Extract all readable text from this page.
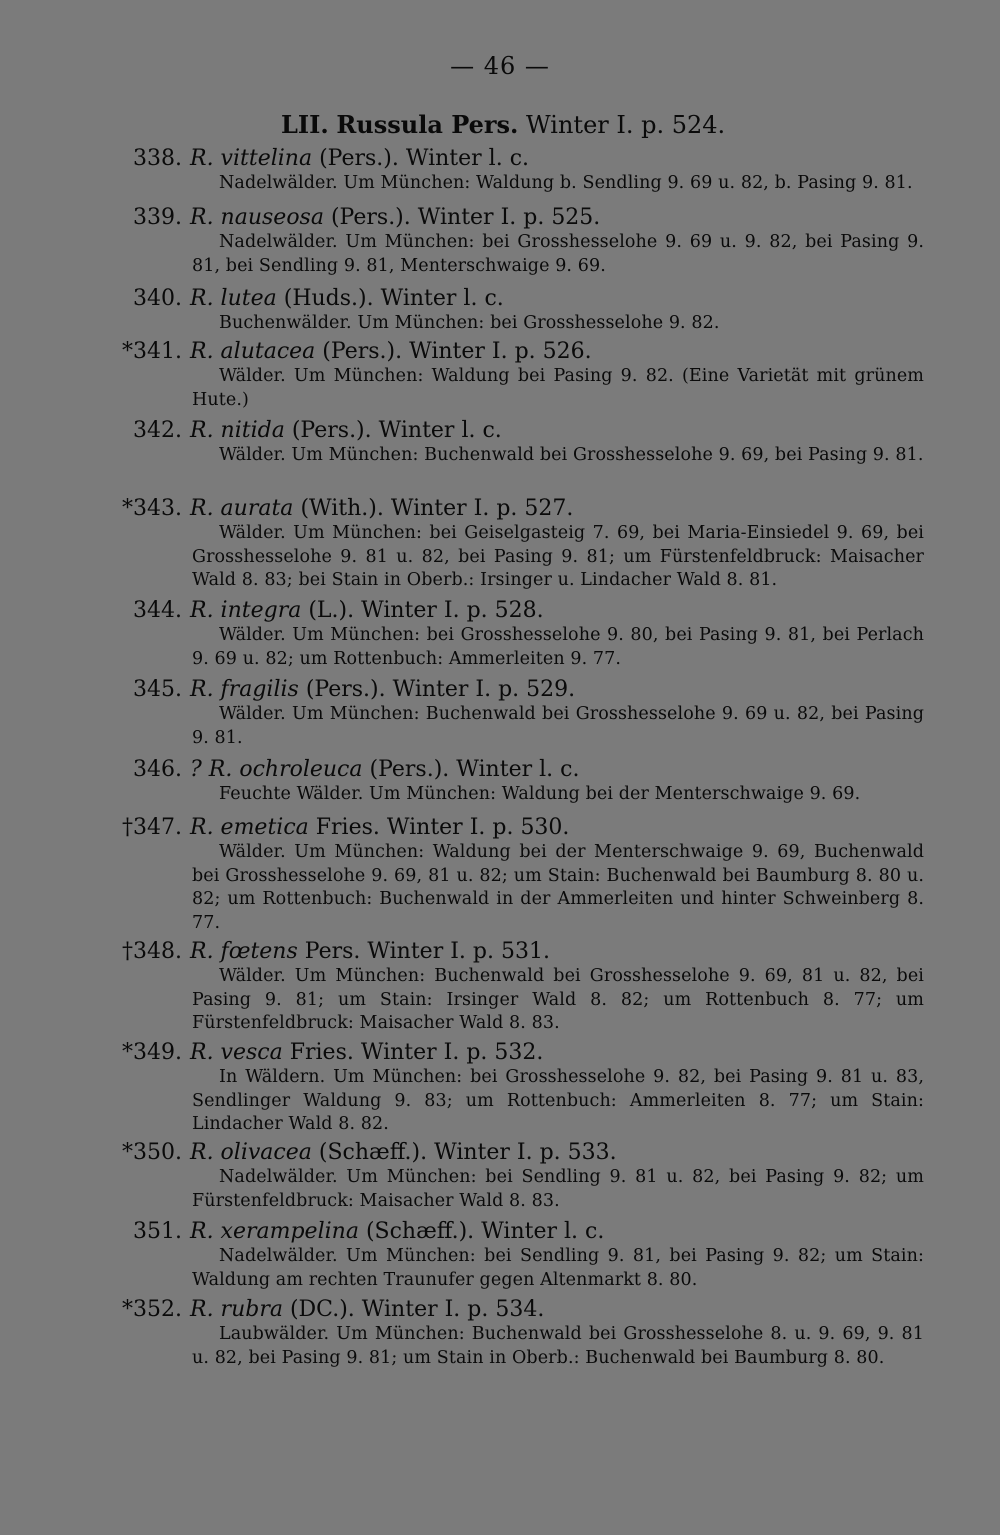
— 46 —
LII. Russula Pers. Winter I. p. 524.
338. R. vittelina (Pers.). Winter l. c.
Nadelwälder. Um München: Waldung b. Sendling 9. 69 u. 82, b. Pasing 9. 81.
339. R. nauseosa (Pers.). Winter I. p. 525.
Nadelwälder. Um München: bei Grosshesselohe 9. 69 u. 9. 82, bei Pasing 9. 81, bei Sendling 9. 81, Menterschwaige 9. 69.
340. R. lutea (Huds.). Winter l. c.
Buchenwälder. Um München: bei Grosshesselohe 9. 82.
*341. R. alutacea (Pers.). Winter I. p. 526.
Wälder. Um München: Waldung bei Pasing 9. 82. (Eine Varietät mit grünem Hute.)
342. R. nitida (Pers.). Winter l. c.
Wälder. Um München: Buchenwald bei Grosshesselohe 9. 69, bei Pasing 9. 81.
*343. R. aurata (With.). Winter I. p. 527.
Wälder. Um München: bei Geiselgasteig 7. 69, bei Maria-Einsiedel 9. 69, bei Grosshesselohe 9. 81 u. 82, bei Pasing 9. 81; um Fürstenfeldbruck: Maisacher Wald 8. 83; bei Stain in Oberb.: Irsinger u. Lindacher Wald 8. 81.
344. R. integra (L.). Winter I. p. 528.
Wälder. Um München: bei Grosshesselohe 9. 80, bei Pasing 9. 81, bei Perlach 9. 69 u. 82; um Rottenbuch: Ammerleiten 9. 77.
345. R. fragilis (Pers.). Winter I. p. 529.
Wälder. Um München: Buchenwald bei Grosshesselohe 9. 69 u. 82, bei Pasing 9. 81.
346. ? R. ochroleuca (Pers.). Winter l. c.
Feuchte Wälder. Um München: Waldung bei der Menterschwaige 9. 69.
†347. R. emetica Fries. Winter I. p. 530.
Wälder. Um München: Waldung bei der Menterschwaige 9. 69, Buchenwald bei Grosshesselohe 9. 69, 81 u. 82; um Stain: Buchenwald bei Baumburg 8. 80 u. 82; um Rottenbuch: Buchenwald in der Ammerleiten und hinter Schweinberg 8. 77.
†348. R. fœtens Pers. Winter I. p. 531.
Wälder. Um München: Buchenwald bei Grosshesselohe 9. 69, 81 u. 82, bei Pasing 9. 81; um Stain: Irsinger Wald 8. 82; um Rottenbuch 8. 77; um Fürstenfeldbruck: Maisacher Wald 8. 83.
*349. R. vesca Fries. Winter I. p. 532.
In Wäldern. Um München: bei Grosshesselohe 9. 82, bei Pasing 9. 81 u. 83, Sendlinger Waldung 9. 83; um Rottenbuch: Ammerleiten 8. 77; um Stain: Lindacher Wald 8. 82.
*350. R. olivacea (Schæff.). Winter I. p. 533.
Nadelwälder. Um München: bei Sendling 9. 81 u. 82, bei Pasing 9. 82; um Fürstenfeldbruck: Maisacher Wald 8. 83.
351. R. xerampelina (Schæff.). Winter l. c.
Nadelwälder. Um München: bei Sendling 9. 81, bei Pasing 9. 82; um Stain: Waldung am rechten Traunufer gegen Altenmarkt 8. 80.
*352. R. rubra (DC.). Winter I. p. 534.
Laubwälder. Um München: Buchenwald bei Grosshesselohe 8. u. 9. 69, 9. 81 u. 82, bei Pasing 9. 81; um Stain in Oberb.: Buchenwald bei Baumburg 8. 80.
